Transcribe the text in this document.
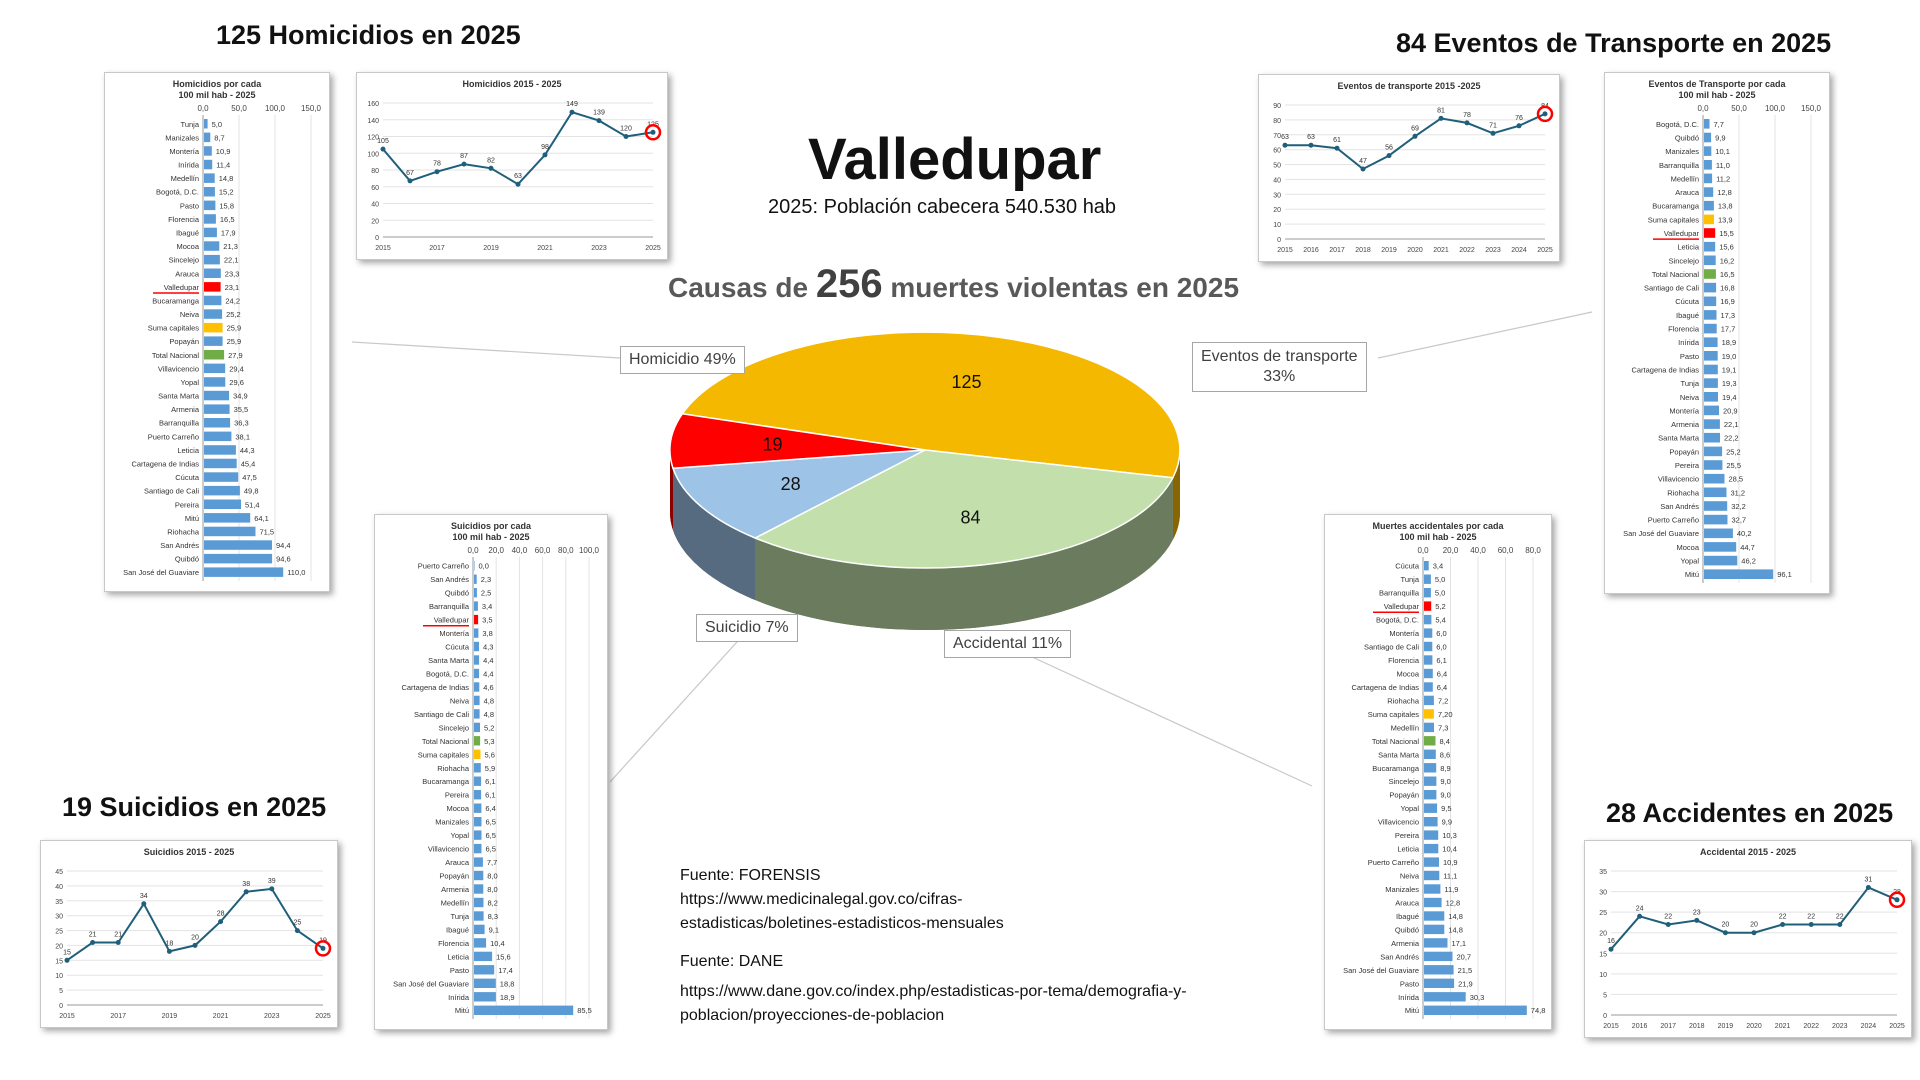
125 Homicidios en 2025	84 Eventos de Transporte en 2025
19 Suicidios en 2025	28 Accidentes en 2025
Valledupar
2025: Población cabecera 540.530 hab
Causas de 256 muertes violentas en 2025
125
84
28
19
Homicidio 49%	Eventos de transporte
33%
Suicidio 7%
Accidental 11%
Homicidios por cada
100 mil hab - 2025
0,0	50,0 100,0 150,0
Tunja 5,0
Manizales 8,7
Montería 10,9
Inírida 11,4
Medellín	14,8
Bogotá, D.C.	15,2
Pasto	15,8
Florencia	16,5
Ibagué	17,9
Mocoa	21,3
Sincelejo	22,1
Arauca	23,3
Valledupar	23,1
Bucaramanga	24,2
Neiva	25,2
Suma capitales	25,9
Popayán	25,9
Total Nacional	27,9
Villavicencio	29,4
Yopal	29,6
Santa Marta	34,9
Armenia	35,5
Barranquilla	36,3
Puerto Carreño	38,1
Leticia	44,3
Cartagena de Indias	45,4
Cúcuta	47,5
Santiago de Cali	49,8
Pereira	51,4
Mitú	64,1
Riohacha	71,5
San Andrés	94,4
Quibdó	94,6
San José del Guaviare	110,0
Homicidios 2015 - 2025
0
20
40
60
80
100
120
140
160
2015	2017	2019	2021	2023	2025
105
67
78
87
82
63
98
149
139
120
125
Eventos de transporte 2015 -2025
0
10
20
30
40
50
60
70
80
90
2015 2016 2017 2018 2019 2020 2021 2022 2023 2024 2025
63	63	61
47
56
69
81
78
71
76
84
Eventos de Transporte por cada
100 mil hab - 2025
0,0	50,0 100,0 150,0
Bogotá, D.C. 7,7
Quibdó 9,9
Manizales 10,1
Barranquilla 11,0
Medellín 11,2
Arauca 12,8
Bucaramanga	13,8
Suma capitales	13,9
Valledupar	15,5
Leticia	15,6
Sincelejo	16,2
Total Nacional	16,5
Santiago de Cali	16,8
Cúcuta	16,9
Ibagué	17,3
Florencia	17,7
Inírida	18,9
Pasto	19,0
Cartagena de Indias	19,1
Tunja	19,3
Neiva	19,4
Montería	20,9
Armenia	22,1
Santa Marta	22,2
Popayán	25,2
Pereira	25,5
Villavicencio	28,5
Riohacha	31,2
San Andrés	32,2
Puerto Carreño	32,7
San José del Guaviare	40,2
Mocoa	44,7
Yopal	46,2
Mitú	96,1
Suicidios por cada
100 mil hab - 2025
0,0 20,0 40,0 60,0 80,0 100,0
Puerto Carreño 0,0
San Andrés 2,3
Quibdó 2,5
Barranquilla 3,4
Valledupar 3,5
Montería 3,8
Cúcuta 4,3
Santa Marta 4,4
Bogotá, D.C. 4,4
Cartagena de Indias 4,6
Neiva 4,8
Santiago de Cali 4,8
Sincelejo 5,2
Total Nacional 5,3
Suma capitales 5,6
Riohacha 5,9
Bucaramanga 6,1
Pereira 6,1
Mocoa 6,4
Manizales 6,5
Yopal 6,5
Villavicencio 6,5
Arauca 7,7
Popayán 8,0
Armenia 8,0
Medellín 8,2
Tunja 8,3
Ibagué	9,1
Florencia	10,4
Leticia	15,6
Pasto	17,4
San José del Guaviare	18,8
Inírida	18,9
Mitú	85,5
Muertes accidentales por cada
100 mil hab - 2025
0,0 20,0 40,0 60,0 80,0
Cúcuta 3,4
Tunja 5,0
Barranquilla 5,0
Valledupar 5,2
Bogotá, D.C. 5,4
Montería 6,0
Santiago de Cali 6,0
Florencia 6,1
Mocoa 6,4
Cartagena de Indias 6,4
Riohacha	7,2
Suma capitales	7,20
Medellín	7,3
Total Nacional	8,4
Santa Marta	8,6
Bucaramanga	8,9
Sincelejo	9,0
Popayán	9,0
Yopal	9,5
Villavicencio	9,9
Pereira	10,3
Leticia	10,4
Puerto Carreño	10,9
Neiva	11,1
Manizales	11,9
Arauca	12,8
Ibagué	14,8
Quibdó	14,8
Armenia	17,1
San Andrés	20,7
San José del Guaviare	21,5
Pasto	21,9
Inírida	30,3
Mitú	74,8
Suicidios 2015 - 2025
0
5
10
15
20
25
30
35
40
45
2015	2017	2019	2021	2023	2025
15
21	21
34
18
20
28
38	39
25
19
Accidental 2015 - 2025
0
5
10
15
20
25
30
35
2015 2016 2017 2018 2019 2020 2021 2022 2023 2024 2025
16
24
22
23
20	20
22	22	22
31
28
Fuente: FORENSIS
https://www.medicinalegal.gov.co/cifras-
estadisticas/boletines-estadisticos-mensuales
Fuente: DANE
https://www.dane.gov.co/index.php/estadisticas-por-tema/demografia-y-
poblacion/proyecciones-de-poblacion
